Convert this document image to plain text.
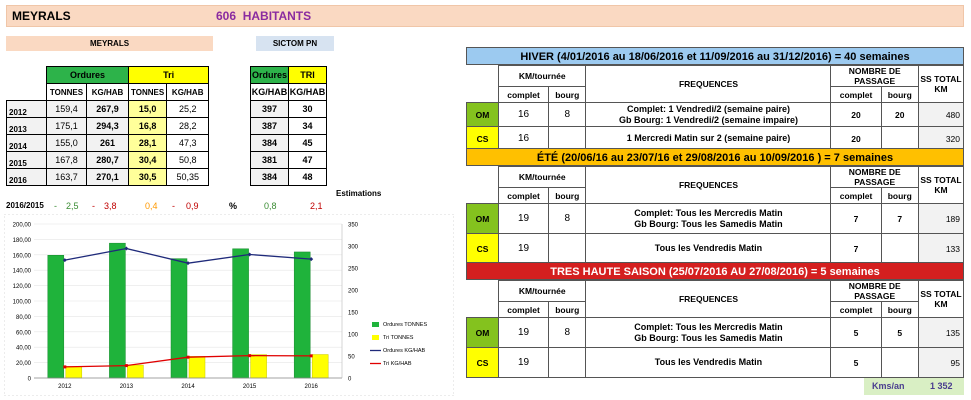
MEYRALS	606 HABITANTS
MEYRALS	SICTOM PN
	Ordures		Tri	
	TONNES	KG/HAB	TONNES	KG/HAB
2012	159,4	267,9	15,0	25,2
2013	175,1	294,3	16,8	28,2
2014	155,0	261	28,1	47,3
2015	167,8	280,7	30,4	50,8
2016	163,7	270,1	30,5	50,35
Ordures	TRI
KG/HAB	KG/HAB
397	30
387	34
384	45
381	47
384	48
Estimations
2016/2015 - 2,5 - 3,8	0,4 - 0,9	%	0,8	2,1
0
20,00
40,00
60,00
80,00
100,00
120,00
140,00
160,00
180,00
200,00
0
50
100
150
200
250
300
350
2012	2013	2014	2015	2016
Ordures TONNES
Tri TONNES
Ordures KG/HAB
Tri KG/HAB
HIVER (4/01/2016 au 18/06/2016 et 11/09/2016 au 31/12/2016) = 40 semaines
	KM/tournée		FREQUENCES	NOMBRE DE PASSAGE		SS TOTAL KM
	complet	bourg		complet	bourg	
OM	16	8	Complet: 1 Vendredi/2 (semaine paire)
Gb Bourg: 1 Vendredi/2 (semaine impaire)	20	20	480
CS	16		1 Mercredi Matin sur 2 (semaine paire)	20		320
ÉTÉ (20/06/16 au 23/07/16 et 29/08/2016 au 10/09/2016 ) = 7 semaines
	KM/tournée		FREQUENCES	NOMBRE DE PASSAGE		SS TOTAL KM
	complet	bourg		complet	bourg	
OM	19	8	Complet: Tous les Mercredis Matin
Gb Bourg: Tous les Samedis Matin	7	7	189
CS	19		Tous les Vendredis Matin	7		133
TRES HAUTE SAISON (25/07/2016 AU 27/08/2016) = 5 semaines
	KM/tournée		FREQUENCES	NOMBRE DE PASSAGE		SS TOTAL KM
	complet	bourg		complet	bourg	
OM	19	8	Complet: Tous les Mercredis Matin
Gb Bourg: Tous les Samedis Matin	5	5	135
CS	19		Tous les Vendredis Matin	5		95
Kms/an	1 352
